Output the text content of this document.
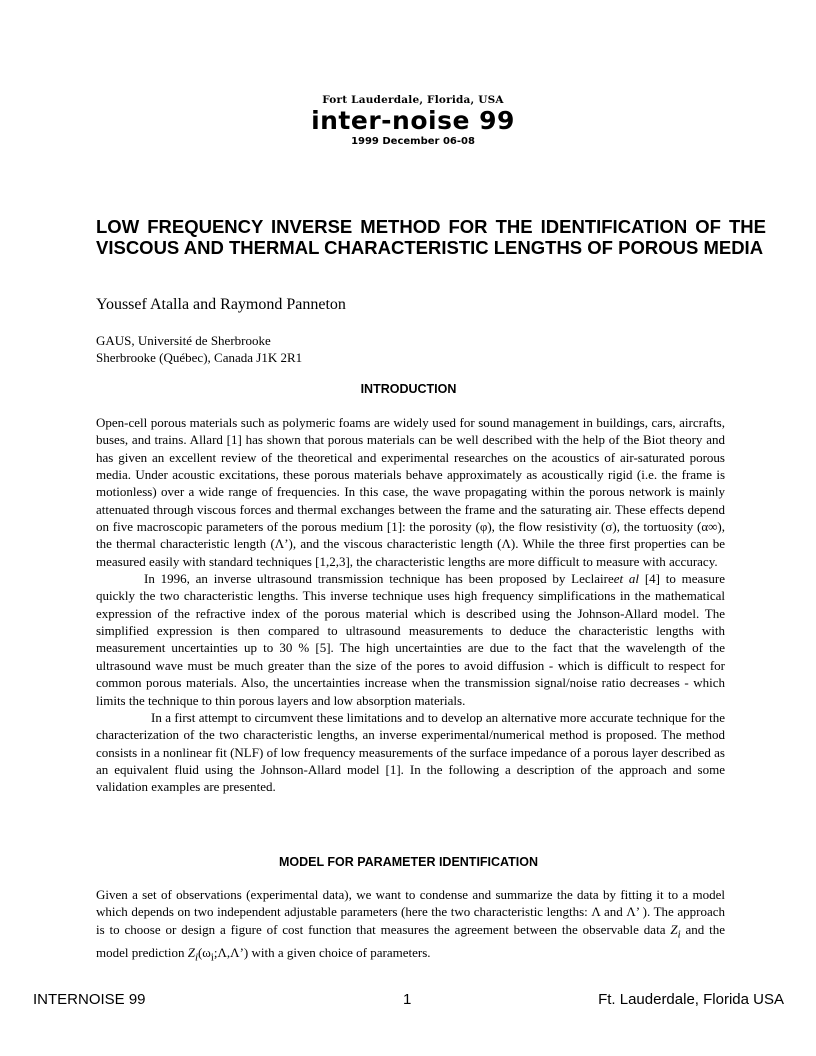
Fort Lauderdale, Florida, USA
inter-noise 99
1999 December 06-08
LOW FREQUENCY INVERSE METHOD FOR THE IDENTIFICATION OF THE VISCOUS AND THERMAL CHARACTERISTIC LENGTHS OF POROUS MEDIA

Youssef Atalla and Raymond Panneton

GAUS, Université de Sherbrooke
Sherbrooke (Québec), Canada J1K 2R1
INTRODUCTION

Open-cell porous materials such as polymeric foams are widely used for sound management in buildings, cars, aircrafts, buses, and trains. Allard [1] has shown that porous materials can be well described with the help of the Biot theory and has given an excellent review of the theoretical and experimental researches on the acoustics of air-saturated porous media. Under acoustic excitations, these porous materials behave approximately as acoustically rigid (i.e. the frame is motionless) over a wide range of frequencies. In this case, the wave propagating within the porous network is mainly attenuated through viscous forces and thermal exchanges between the frame and the saturating air. These effects depend on five macroscopic parameters of the porous medium [1]: the porosity (φ), the flow resistivity (σ), the tortuosity (α∞), the thermal characteristic length (Λ’), and the viscous characteristic length (Λ). While the three first properties can be measured easily with standard techniques [1,2,3], the characteristic lengths are more difficult to measure with accuracy.

In 1996, an inverse ultrasound transmission technique has been proposed by Leclaireet al [4] to measure quickly the two characteristic lengths. This inverse technique uses high frequency simplifications in the mathematical expression of the refractive index of the porous material which is described using the Johnson-Allard model. The simplified expression is then compared to ultrasound measurements to deduce the characteristic lengths with measurement uncertainties up to 30 % [5]. The high uncertainties are due to the fact that the wavelength of the ultrasound wave must be much greater than the size of the pores to avoid diffusion - which is difficult to respect for common porous materials. Also, the uncertainties increase when the transmission signal/noise ratio decreases - which limits the technique to thin porous layers and low absorption materials.

In a first attempt to circumvent these limitations and to develop an alternative more accurate technique for the characterization of the two characteristic lengths, an inverse experimental/numerical method is proposed. The method consists in a nonlinear fit (NLF) of low frequency measurements of the surface impedance of a porous layer described as an equivalent fluid using the Johnson-Allard model [1]. In the following a description of the approach and some validation examples are presented.

MODEL FOR PARAMETER IDENTIFICATION

Given a set of observations (experimental data), we want to condense and summarize the data by fitting it to a model which depends on two independent adjustable parameters (here the two characteristic lengths: Λ and Λ’ ). The approach is to choose or design a figure of cost function that measures the agreement between the observable data $Z_i$ and the model prediction $Z_i(\omega_i;\Lambda,\Lambda’)$ with a given choice of parameters.

INTERNOISE 99	1	Ft. Lauderdale, Florida USA
